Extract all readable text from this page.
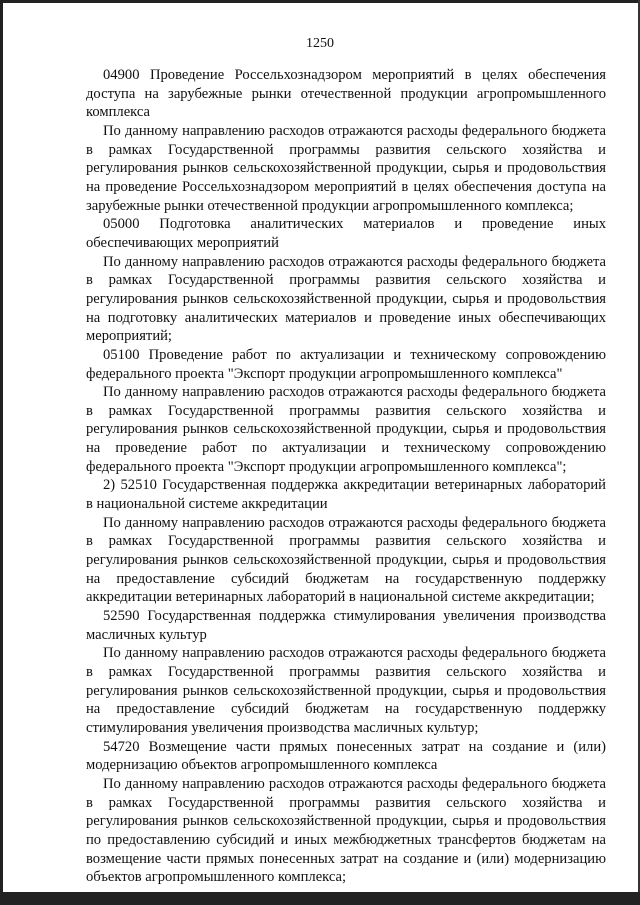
1250

04900 Проведение Россельхознадзором мероприятий в целях обеспечения доступа на зарубежные рынки отечественной продукции агропромышленного комплекса

По данному направлению расходов отражаются расходы федерального бюджета в рамках Государственной программы развития сельского хозяйства и регулирования рынков сельскохозяйственной продукции, сырья и продовольствия на проведение Россельхознадзором мероприятий в целях обеспечения доступа на зарубежные рынки отечественной продукции агропромышленного комплекса;

05000 Подготовка аналитических материалов и проведение иных обеспечивающих мероприятий

По данному направлению расходов отражаются расходы федерального бюджета в рамках Государственной программы развития сельского хозяйства и регулирования рынков сельскохозяйственной продукции, сырья и продовольствия на подготовку аналитических материалов и проведение иных обеспечивающих мероприятий;

05100 Проведение работ по актуализации и техническому сопровождению федерального проекта "Экспорт продукции агропромышленного комплекса"

По данному направлению расходов отражаются расходы федерального бюджета в рамках Государственной программы развития сельского хозяйства и регулирования рынков сельскохозяйственной продукции, сырья и продовольствия на проведение работ по актуализации и техническому сопровождению федерального проекта "Экспорт продукции агропромышленного комплекса";

2) 52510 Государственная поддержка аккредитации ветеринарных лабораторий в национальной системе аккредитации

По данному направлению расходов отражаются расходы федерального бюджета в рамках Государственной программы развития сельского хозяйства и регулирования рынков сельскохозяйственной продукции, сырья и продовольствия на предоставление субсидий бюджетам на государственную поддержку аккредитации ветеринарных лабораторий в национальной системе аккредитации;

52590 Государственная поддержка стимулирования увеличения производства масличных культур

По данному направлению расходов отражаются расходы федерального бюджета в рамках Государственной программы развития сельского хозяйства и регулирования рынков сельскохозяйственной продукции, сырья и продовольствия на предоставление субсидий бюджетам на государственную поддержку стимулирования увеличения производства масличных культур;

54720 Возмещение части прямых понесенных затрат на создание и (или) модернизацию объектов агропромышленного комплекса

По данному направлению расходов отражаются расходы федерального бюджета в рамках Государственной программы развития сельского хозяйства и регулирования рынков сельскохозяйственной продукции, сырья и продовольствия по предоставлению субсидий и иных межбюджетных трансфертов бюджетам на возмещение части прямых понесенных затрат на создание и (или) модернизацию объектов агропромышленного комплекса;
